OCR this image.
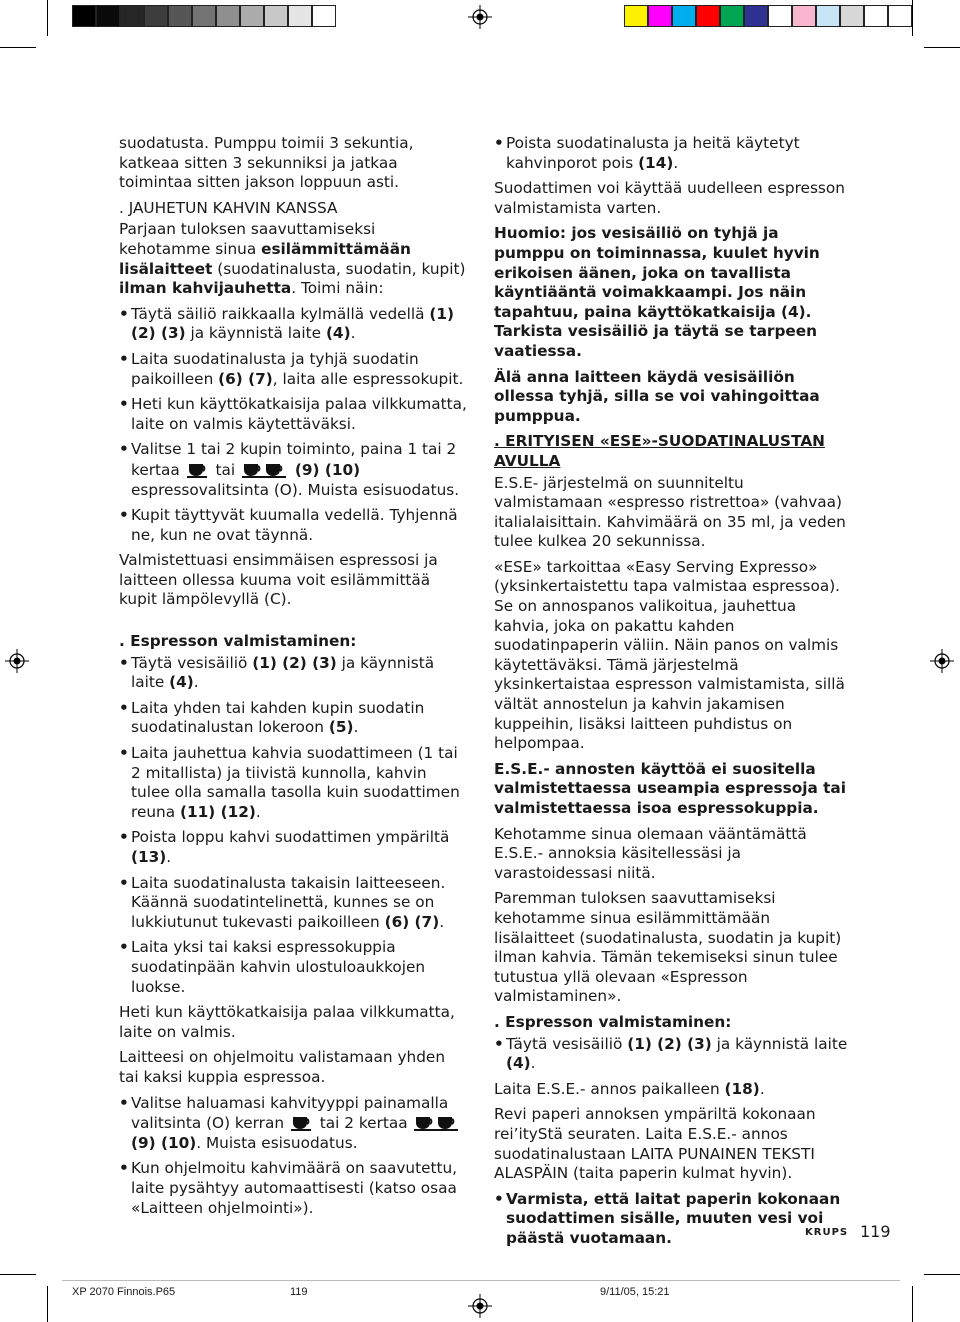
suodatusta. Pumppu toimii 3 sekuntia, katkeaa sitten 3 sekunniksi ja jatkaa toimintaa sitten jakson loppuun asti.

. JAUHETUN KAHVIN KANSSA

Parjaan tuloksen saavuttamiseksi kehotamme sinua esilämmittämään lisälaitteet (suodatinalusta, suodatin, kupit) ilman kahvijauhetta. Toimi näin:

• Täytä säiliö raikkaalla kylmällä vedellä (1) (2) (3) ja käynnistä laite (4).

• Laita suodatinalusta ja tyhjä suodatin paikoilleen (6) (7), laita alle espressokupit.

• Heti kun käyttökatkaisija palaa vilkkumatta, laite on valmis käytettäväksi.

• Valitse 1 tai 2 kupin toiminto, paina 1 tai 2 kertaa tai	(9) (10) espressovalitsinta (O). Muista esisuodatus.

• Kupit täyttyvät kuumalla vedellä. Tyhjennä ne, kun ne ovat täynnä.

Valmistettuasi ensimmäisen espressosi ja laitteen ollessa kuuma voit esilämmittää kupit lämpölevyllä (C).

. Espresson valmistaminen:

• Täytä vesisäiliö (1) (2) (3) ja käynnistä laite (4).

• Laita yhden tai kahden kupin suodatin suodatinalustan lokeroon (5).

• Laita jauhettua kahvia suodattimeen (1 tai 2 mitallista) ja tiivistä kunnolla, kahvin tulee olla samalla tasolla kuin suodattimen reuna (11) (12).

• Poista loppu kahvi suodattimen ympäriltä (13).

• Laita suodatinalusta takaisin laitteeseen. Käännä suodatintelinettä, kunnes se on lukkiutunut tukevasti paikoilleen (6) (7).

• Laita yksi tai kaksi espressokuppia suodatinpään kahvin ulostuloaukkojen luokse.

Heti kun käyttökatkaisija palaa vilkkumatta, laite on valmis.

Laitteesi on ohjelmoitu valistamaan yhden tai kaksi kuppia espressoa.

• Valitse haluamasi kahvityyppi painamalla valitsinta (O) kerran tai 2 kertaa  (9) (10). Muista esisuodatus.

• Kun ohjelmoitu kahvimäärä on saavutettu, laite pysähtyy automaattisesti (katso osaa «Laitteen ohjelmointi»).

• Poista suodatinalusta ja heitä käytetyt kahvinporot pois (14).

Suodattimen voi käyttää uudelleen espresson valmistamista varten.

Huomio: jos vesisäiliö on tyhjä ja pumppu on toiminnassa, kuulet hyvin erikoisen äänen, joka on tavallista käyntiääntä voimakkaampi. Jos näin tapahtuu, paina käyttökatkaisija (4). Tarkista vesisäiliö ja täytä se tarpeen vaatiessa.

Älä anna laitteen käydä vesisäiliön ollessa tyhjä, silla se voi vahingoittaa pumppua.

. ERITYISEN «ESE»-SUODATINALUSTAN AVULLA

E.S.E- järjestelmä on suunniteltu valmistamaan «espresso ristrettoa» (vahvaa) italialaisittain. Kahvimäärä on 35 ml, ja veden tulee kulkea 20 sekunnissa.

«ESE» tarkoittaa «Easy Serving Expresso» (yksinkertaistettu tapa valmistaa espressoa). Se on annospanos valikoitua, jauhettua kahvia, joka on pakattu kahden suodatinpaperin väliin. Näin panos on valmis käytettäväksi. Tämä järjestelmä yksinkertaistaa espresson valmistamista, sillä vältät annostelun ja kahvin jakamisen kuppeihin, lisäksi laitteen puhdistus on helpompaa.

E.S.E.- annosten käyttöä ei suositella valmistettaessa useampia espressoja tai valmistettaessa isoa espressokuppia.

Kehotamme sinua olemaan vääntämättä E.S.E.- annoksia käsitellessäsi ja varastoidessasi niitä.

Paremman tuloksen saavuttamiseksi kehotamme sinua esilämmittämään lisälaitteet (suodatinalusta, suodatin ja kupit) ilman kahvia. Tämän tekemiseksi sinun tulee tutustua yllä olevaan «Espresson valmistaminen».

. Espresson valmistaminen:

• Täytä vesisäiliö (1) (2) (3) ja käynnistä laite (4).

Laita E.S.E.- annos paikalleen (18).

Revi paperi annoksen ympäriltä kokonaan rei’ityStä seuraten. Laita E.S.E.- annos suodatinalustaan LAITA PUNAINEN TEKSTI ALASPÄIN (taita paperin kulmat hyvin).

• Varmista, että laitat paperin kokonaan suodattimen sisälle, muuten vesi voi päästä vuotamaan.	KRUPS 119
XP 2070 Finnois.P65	119	9/11/05, 15:21
